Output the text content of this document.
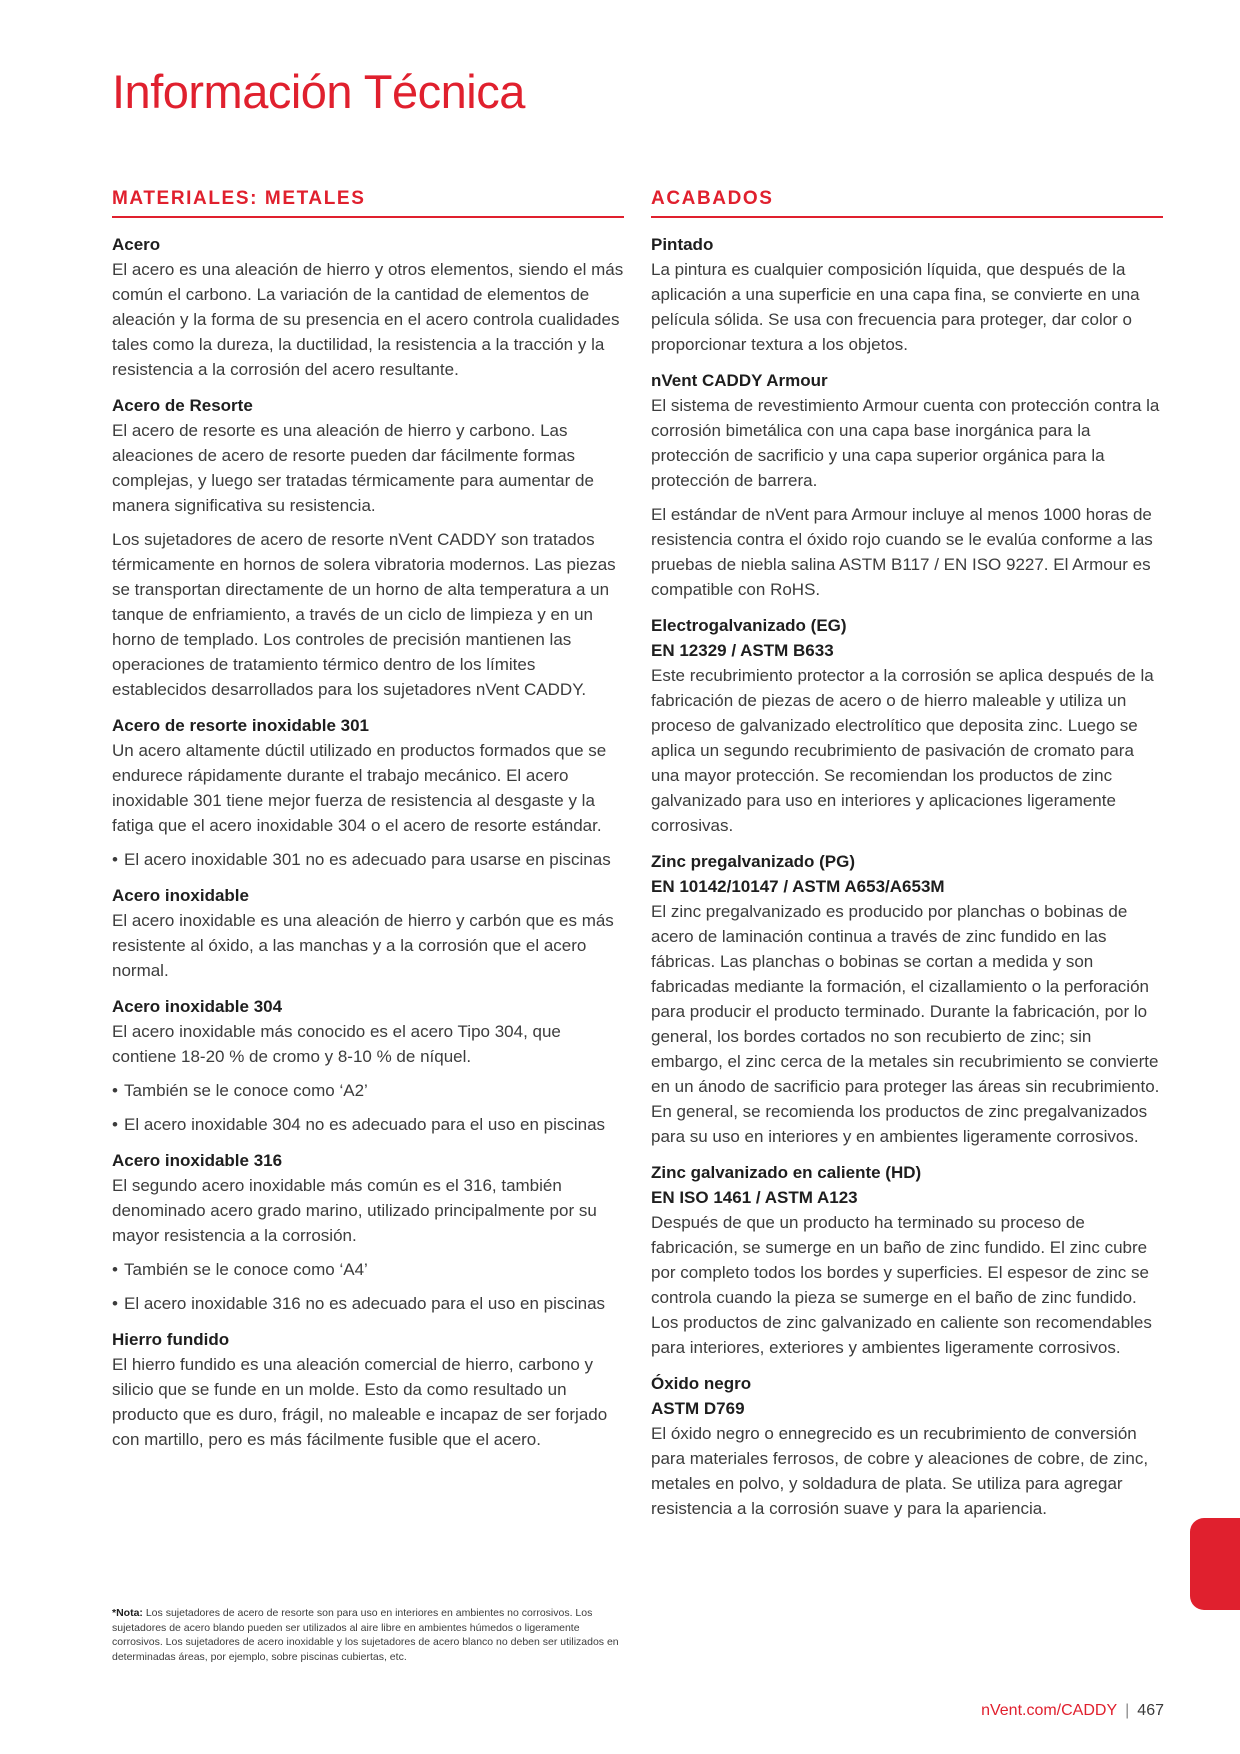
Información Técnica
MATERIALES: METALES
Acero

El acero es una aleación de hierro y otros elementos, siendo el más común el carbono. La variación de la cantidad de elementos de aleación y la forma de su presencia en el acero controla cualidades tales como la dureza, la ductilidad, la resistencia a la tracción y la resistencia a la corrosión del acero resultante.

Acero de Resorte

El acero de resorte es una aleación de hierro y carbono. Las aleaciones de acero de resorte pueden dar fácilmente formas complejas, y luego ser tratadas térmicamente para aumentar de manera significativa su resistencia.

Los sujetadores de acero de resorte nVent CADDY son tratados térmicamente en hornos de solera vibratoria modernos. Las piezas se transportan directamente de un horno de alta temperatura a un tanque de enfriamiento, a través de un ciclo de limpieza y en un horno de templado. Los controles de precisión mantienen las operaciones de tratamiento térmico dentro de los límites establecidos desarrollados para los sujetadores nVent CADDY.

Acero de resorte inoxidable 301

Un acero altamente dúctil utilizado en productos formados que se endurece rápidamente durante el trabajo mecánico. El acero inoxidable 301 tiene mejor fuerza de resistencia al desgaste y la fatiga que el acero inoxidable 304 o el acero de resorte estándar.

• El acero inoxidable 301 no es adecuado para usarse en piscinas
Acero inoxidable

El acero inoxidable es una aleación de hierro y carbón que es más resistente al óxido, a las manchas y a la corrosión que el acero normal.

Acero inoxidable 304

El acero inoxidable más conocido es el acero Tipo 304, que contiene 18-20 % de cromo y 8-10 % de níquel.

• También se le conoce como ‘A2’
• El acero inoxidable 304 no es adecuado para el uso en piscinas
Acero inoxidable 316

El segundo acero inoxidable más común es el 316, también denominado acero grado marino, utilizado principalmente por su mayor resistencia a la corrosión.

• También se le conoce como ‘A4’
• El acero inoxidable 316 no es adecuado para el uso en piscinas
Hierro fundido

El hierro fundido es una aleación comercial de hierro, carbono y silicio que se funde en un molde. Esto da como resultado un producto que es duro, frágil, no maleable e incapaz de ser forjado con martillo, pero es más fácilmente fusible que el acero.

ACABADOS
Pintado

La pintura es cualquier composición líquida, que después de la aplicación a una superficie en una capa fina, se convierte en una película sólida. Se usa con frecuencia para proteger, dar color o proporcionar textura a los objetos.

nVent CADDY Armour

El sistema de revestimiento Armour cuenta con protección contra la corrosión bimetálica con una capa base inorgánica para la protección de sacrificio y una capa superior orgánica para la protección de barrera.

El estándar de nVent para Armour incluye al menos 1000 horas de resistencia contra el óxido rojo cuando se le evalúa conforme a las pruebas de niebla salina ASTM B117 / EN ISO 9227. El Armour es compatible con RoHS.

Electrogalvanizado (EG)
EN 12329 / ASTM B633

Este recubrimiento protector a la corrosión se aplica después de la fabricación de piezas de acero o de hierro maleable y utiliza un proceso de galvanizado electrolítico que deposita zinc. Luego se aplica un segundo recubrimiento de pasivación de cromato para una mayor protección. Se recomiendan los productos de zinc galvanizado para uso en interiores y aplicaciones ligeramente corrosivas.

Zinc pregalvanizado (PG)
EN 10142/10147 / ASTM A653/A653M

El zinc pregalvanizado es producido por planchas o bobinas de acero de laminación continua a través de zinc fundido en las fábricas. Las planchas o bobinas se cortan a medida y son fabricadas mediante la formación, el cizallamiento o la perforación para producir el producto terminado. Durante la fabricación, por lo general, los bordes cortados no son recubierto de zinc; sin embargo, el zinc cerca de la metales sin recubrimiento se convierte en un ánodo de sacrificio para proteger las áreas sin recubrimiento. En general, se recomienda los productos de zinc pregalvanizados para su uso en interiores y en ambientes ligeramente corrosivos.

Zinc galvanizado en caliente (HD)
EN ISO 1461 / ASTM A123

Después de que un producto ha terminado su proceso de fabricación, se sumerge en un baño de zinc fundido. El zinc cubre por completo todos los bordes y superficies. El espesor de zinc se controla cuando la pieza se sumerge en el baño de zinc fundido. Los productos de zinc galvanizado en caliente son recomendables para interiores, exteriores y ambientes ligeramente corrosivos.

Óxido negro
ASTM D769

El óxido negro o ennegrecido es un recubrimiento de conversión para materiales ferrosos, de cobre y aleaciones de cobre, de zinc, metales en polvo, y soldadura de plata. Se utiliza para agregar resistencia a la corrosión suave y para la apariencia.

*Nota: Los sujetadores de acero de resorte son para uso en interiores en ambientes no corrosivos. Los sujetadores de acero blando pueden ser utilizados al aire libre en ambientes húmedos o ligeramente corrosivos. Los sujetadores de acero inoxidable y los sujetadores de acero blanco no deben ser utilizados en determinadas áreas, por ejemplo, sobre piscinas cubiertas, etc.

nVent.com/CADDY | 467
